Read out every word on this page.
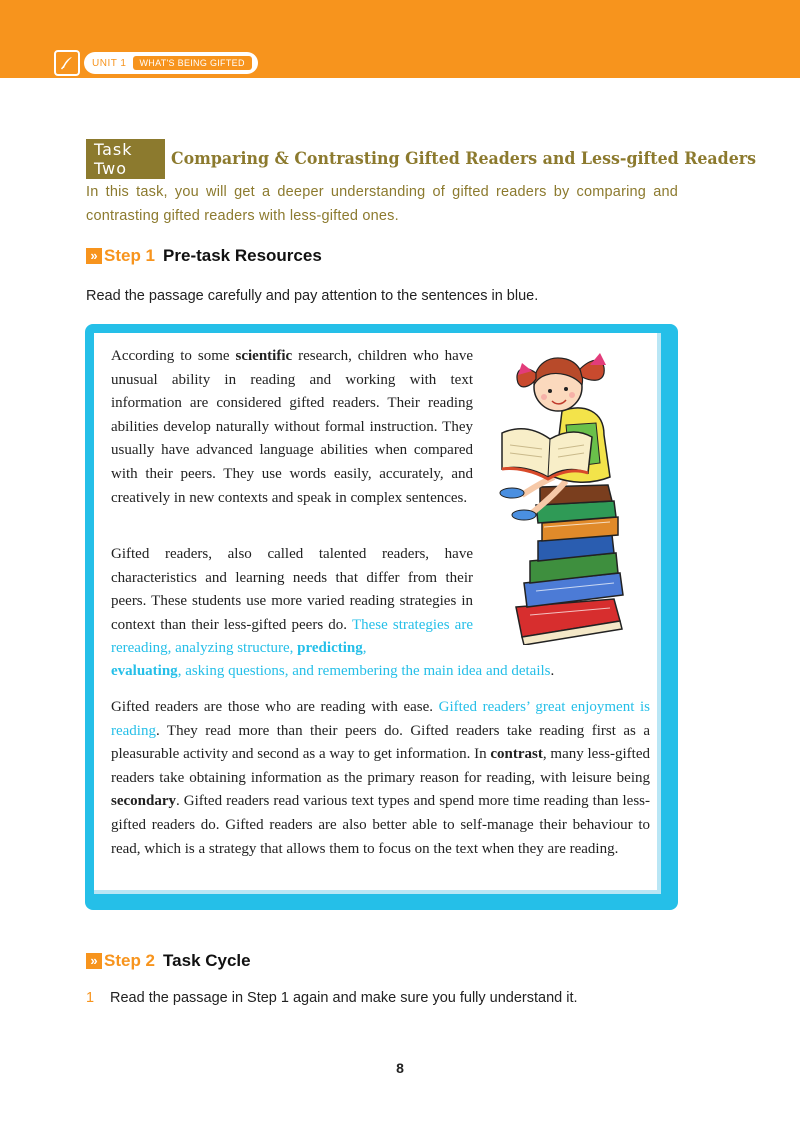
UNIT 1	WHAT'S BEING GIFTED
Task Two	Comparing & Contrasting Gifted Readers and Less-gifted Readers
In this task, you will get a deeper understanding of gifted readers by comparing and contrasting gifted readers with less-gifted ones.
» Step 1 Pre-task Resources
Read the passage carefully and pay attention to the sentences in blue.

According to some scientific research, children who have unusual ability in reading and working with text information are considered gifted readers. Their reading abilities develop naturally without formal instruction. They usually have advanced language abilities when compared with their peers. They use words easily, accurately, and creatively in new contexts and speak in complex sentences.

Gifted readers, also called talented readers, have characteristics and learning needs that differ from their peers. These students use more varied reading strategies in context than their less-gifted peers do. These strategies are rereading, analyzing structure, predicting,

evaluating, asking questions, and remembering the main idea and details.

Gifted readers are those who are reading with ease. Gifted readers’ great enjoyment is reading. They read more than their peers do. Gifted readers take reading first as a pleasurable activity and second as a way to get information. In contrast, many less-gifted readers take obtaining information as the primary reason for reading, with leisure being secondary. Gifted readers read various text types and spend more time reading than less-gifted readers do. Gifted readers are also better able to self-manage their behaviour to read, which is a strategy that allows them to focus on the text when they are reading.

» Step 2 Task Cycle
1	Read the passage in Step 1 again and make sure you fully understand it.
8
